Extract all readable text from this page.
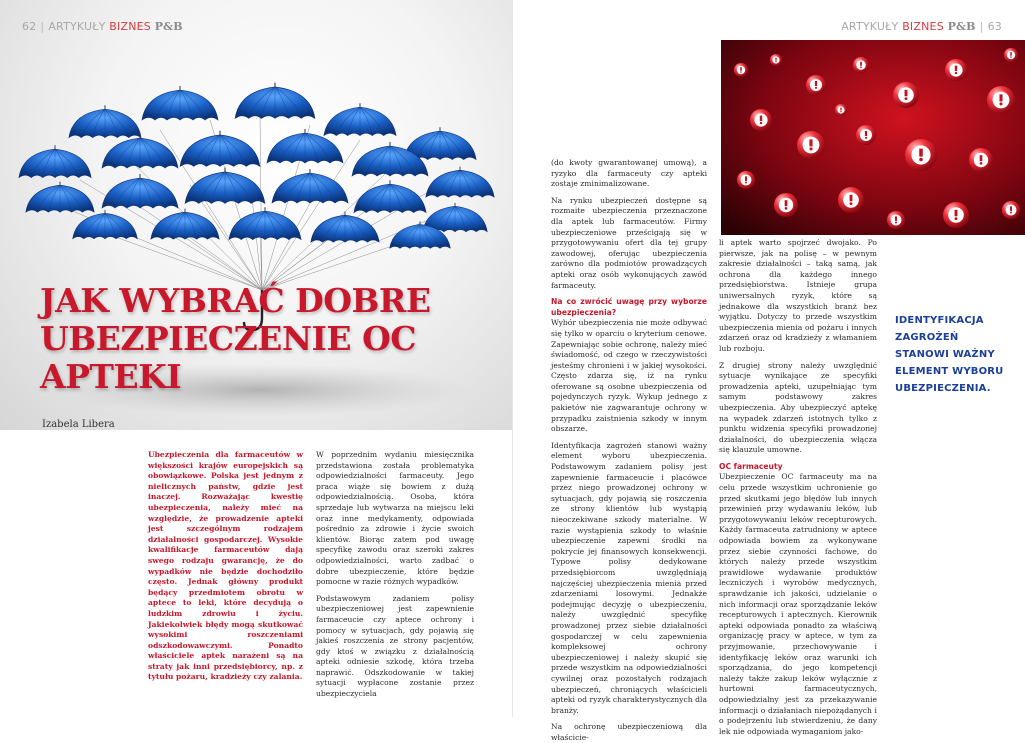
62 | ARTYKUŁY BIZNES P&B
JAK WYBRAĆ DOBRE
UBEZPIECZENIE OC
APTEKI
Izabela Libera

Ubezpieczenia dla farmaceutów w większości krajów europejskich są obowiązkowe. Polska jest jednym z nielicznych państw, gdzie jest inaczej. Rozważając kwestię ubezpieczenia, należy mieć na względzie, że prowadzenie apteki jest szczególnym rodzajem działalności gospodarczej. Wysokie kwalifikacje farmaceutów dają swego rodzaju gwarancję, że do wypadków nie będzie dochodziło często. Jednak główny produkt będący przedmiotem obrotu w aptece to leki, które decydują o ludzkim zdrowiu i życiu. Jakiekolwiek błędy mogą skutkować wysokimi roszczeniami odszkodowawczymi. Ponadto właściciele aptek narażeni są na straty jak inni przedsiębiorcy, np. z tytułu pożaru, kradzieży czy zalania.

W poprzednim wydaniu miesięcznika przedstawiona została problematyka odpowiedzialności farmaceuty. Jego praca wiąże się bowiem z dużą odpowiedzialnością. Osoba, która sprzedaje lub wytwarza na miejscu leki oraz inne medykamenty, odpowiada pośrednio za zdrowie i życie swoich klientów. Biorąc zatem pod uwagę specyfikę zawodu oraz szeroki zakres odpowiedzialności, warto zadbać o dobre ubezpieczenie, które będzie pomocne w razie różnych wypadków.

Podstawowym zadaniem polisy ubezpieczeniowej jest zapewnienie farmaceucie czy aptece ochrony i pomocy w sytuacjach, gdy pojawią się jakieś roszczenia ze strony pacjentów, gdy ktoś w związku z działalnością apteki odniesie szkodę, która trzeba naprawić. Odszkodowanie w takiej sytuacji wypłacone zostanie przez ubezpieczyciela

ARTYKUŁY BIZNES P&B | 63

(do kwoty gwarantowanej umową), a ryzyko dla farmaceuty czy apteki zostaje zminimalizowane.

Na rynku ubezpieczeń dostępne są rozmaite ubezpieczenia przeznaczone dla aptek lub farmaceutów. Firmy ubezpieczeniowe prześcigają się w przygotowywaniu ofert dla tej grupy zawodowej, oferując ubezpieczenia zarówno dla podmiotów prowadzących apteki oraz osób wykonujących zawód farmaceuty.

Na co zwrócić uwagę przy wyborze ubezpieczenia?

Wybór ubezpieczenia nie może odbywać się tylko w oparciu o kryterium cenowe. Zapewniając sobie ochronę, należy mieć świadomość, od czego w rzeczywistości jesteśmy chronieni i w jakiej wysokości. Często zdarza się, iż na rynku oferowane są osobne ubezpieczenia od pojedynczych ryzyk. Wykup jednego z pakietów nie zagwarantuje ochrony w przypadku zaistnienia szkody w innym obszarze.

Identyfikacja zagrożeń stanowi ważny element wyboru ubezpieczenia. Podstawowym zadaniem polisy jest zapewnienie farmaceucie i placówce przez niego prowadzonej ochrony w sytuacjach, gdy pojawią się roszczenia ze strony klientów lub wystąpią nieoczekiwane szkody materialne. W razie wystąpienia szkody to właśnie ubezpieczenie zapewni środki na pokrycie jej finansowych konsekwencji. Typowe polisy dedykowane przedsiębiorcom uwzględniają najczęściej ubezpieczenia mienia przed zdarzeniami losowymi. Jednakże podejmując decyzję o ubezpieczeniu, należy uwzględnić specyfikę prowadzonej przez siebie działalności gospodarczej w celu zapewnienia kompleksowej ochrony ubezpieczeniowej i należy skupić się przede wszystkim na odpowiedzialności cywilnej oraz pozostałych rodzajach ubezpieczeń, chroniących właścicieli apteki od ryzyk charakterystycznych dla branży.

Na ochronę ubezpieczeniową dla właścicie-

li aptek warto spojrzeć dwojako. Po pierwsze, jak na polisę – w pewnym zakresie działalności – taką samą, jak ochrona dla każdego innego przedsiębiorstwa. Istnieje grupa uniwersalnych ryzyk, które są jednakowe dla wszystkich branż bez wyjątku. Dotyczy to przede wszystkim ubezpieczenia mienia od pożaru i innych zdarzeń oraz od kradzieży z włamaniem lub rozboju.

Z drugiej strony należy uwzględnić sytuacje wynikające ze specyfiki prowadzenia apteki, uzupełniając tym samym podstawowy zakres ubezpieczenia. Aby ubezpieczyć aptekę na wypadek zdarzeń istotnych tylko z punktu widzenia specyfiki prowadzonej działalności, do ubezpieczenia włącza się klauzule umowne.

OC farmaceuty

Ubezpieczenie OC farmaceuty ma na celu przede wszystkim uchronienie go przed skutkami jego błędów lub innych przewinień przy wydawaniu leków, lub przygotowywaniu leków recepturowych. Każdy farmaceuta zatrudniony w aptece odpowiada bowiem za wykonywane przez siebie czynności fachowe, do których należy przede wszystkim prawidłowe wydawanie produktów leczniczych i wyrobów medycznych, sprawdzanie ich jakości, udzielanie o nich informacji oraz sporządzanie leków recepturowych i aptecznych. Kierownik apteki odpowiada ponadto za właściwą organizację pracy w aptece, w tym za przyjmowanie, przechowywanie i identyfikację leków oraz warunki ich sporządzania, do jego kompetencji należy także zakup leków wyłącznie z hurtowni farmaceutycznych, odpowiedzialny jest za przekazywanie informacji o działaniach niepożądanych i o podejrzeniu lub stwierdzeniu, że dany lek nie odpowiada wymaganiom jako-

IDENTYFIKACJA ZAGROŻEŃ STANOWI WAŻNY ELEMENT WYBORU UBEZPIECZENIA.
